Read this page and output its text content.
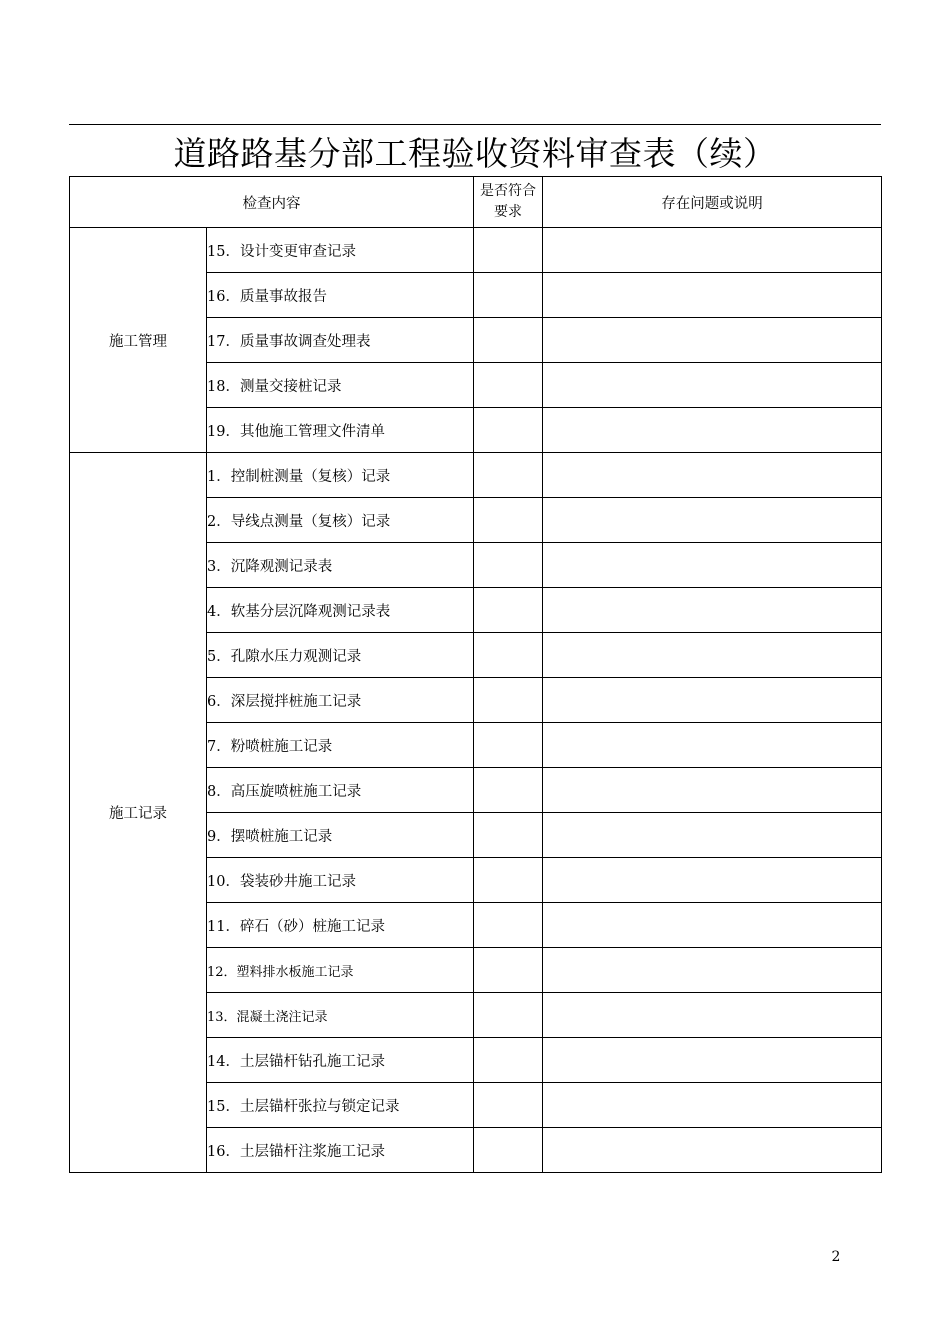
道路路基分部工程验收资料审查表（续）
检查内容		是否符合要求	存在问题或说明
施工管理	15．设计变更审查记录		
	16．质量事故报告		
	17．质量事故调查处理表		
	18．测量交接桩记录		
	19．其他施工管理文件清单		
施工记录	1．控制桩测量（复核）记录		
	2．导线点测量（复核）记录		
	3．沉降观测记录表		
	4．软基分层沉降观测记录表		
	5．孔隙水压力观测记录		
	6．深层搅拌桩施工记录		
	7．粉喷桩施工记录		
	8．高压旋喷桩施工记录		
	9．摆喷桩施工记录		
	10．袋装砂井施工记录		
	11．碎石（砂）桩施工记录		
	12．塑料排水板施工记录		
	13．混凝土浇注记录		
	14．土层锚杆钻孔施工记录		
	15．土层锚杆张拉与锁定记录		
	16．土层锚杆注浆施工记录		
2
